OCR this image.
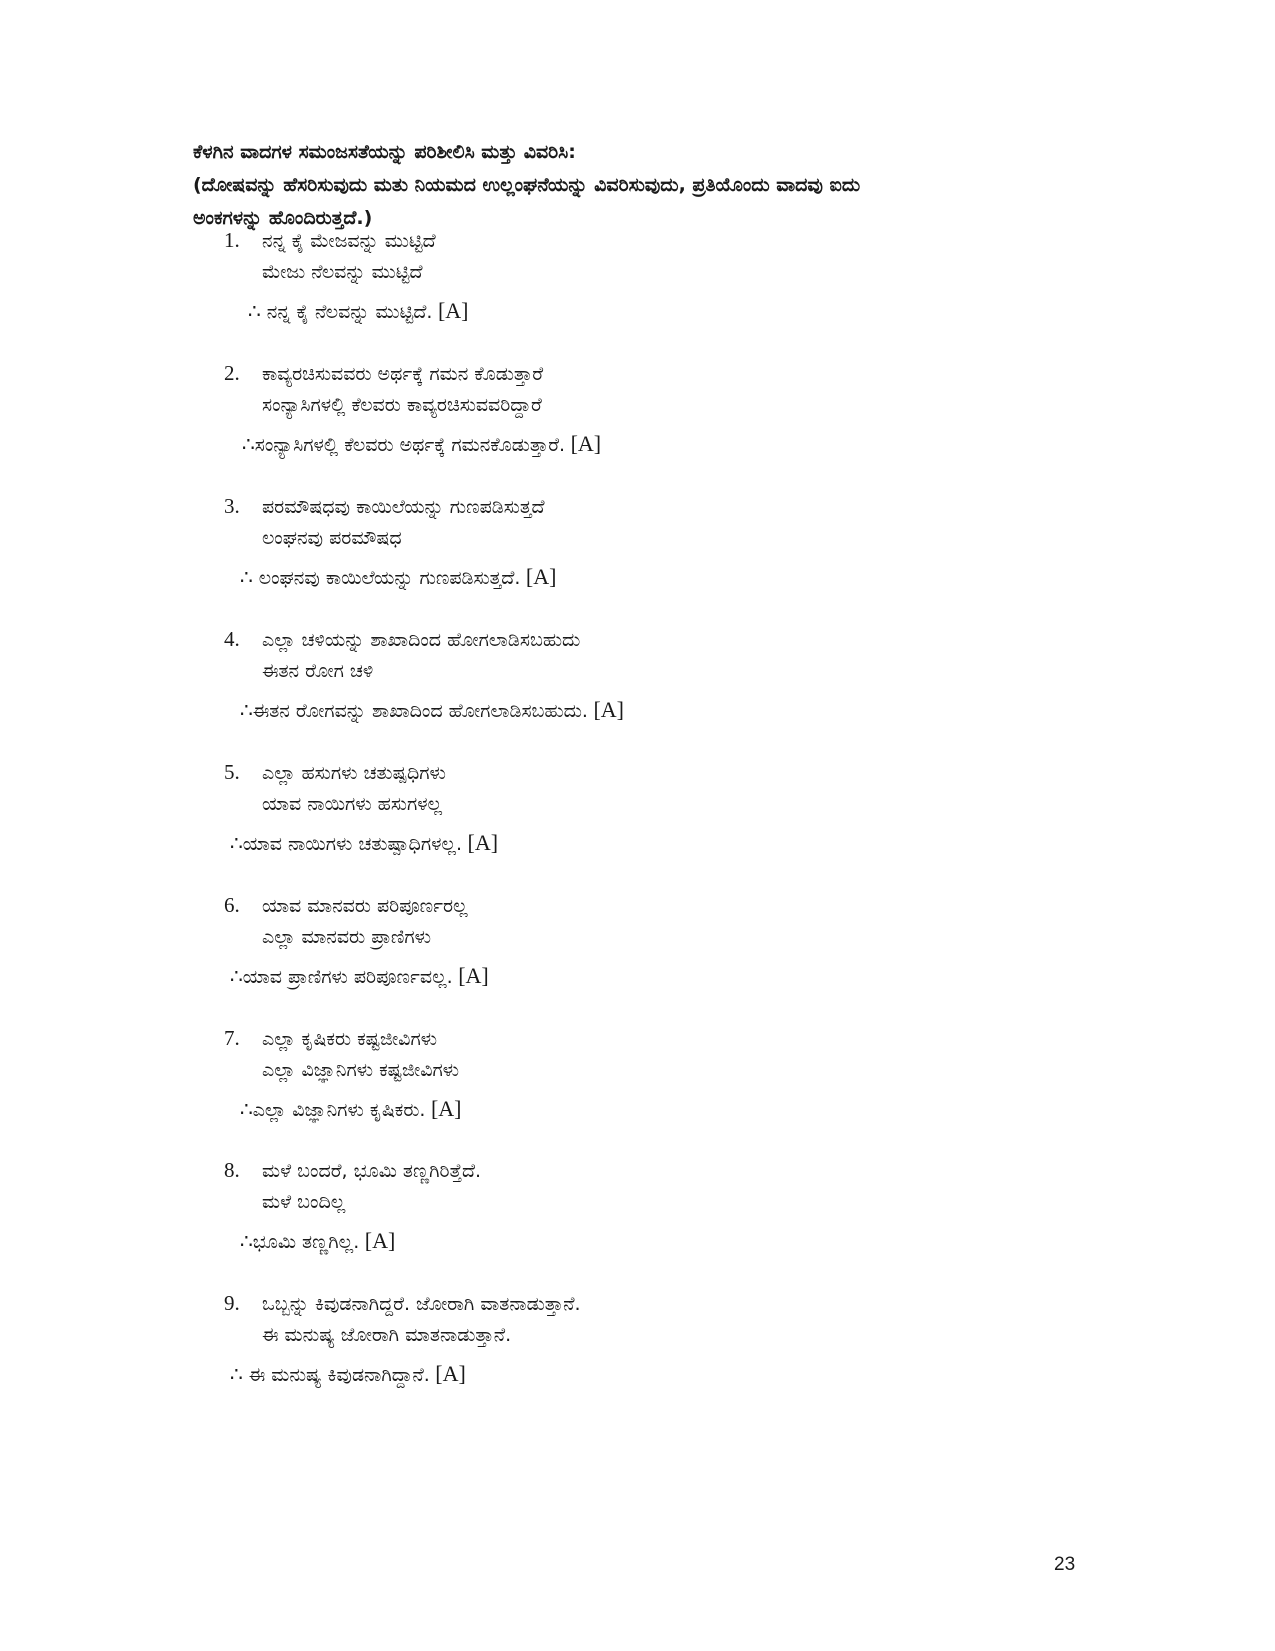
ಕೆಳಗಿನ ವಾದಗಳ ಸಮಂಜಸತೆಯನ್ನು ಪರಿಶೀಲಿಸಿ ಮತ್ತು ವಿವರಿಸಿ:
(ದೋಷವನ್ನು ಹೆಸರಿಸುವುದು ಮತು ನಿಯಮದ ಉಲ್ಲಂಘನೆಯನ್ನು ವಿವರಿಸುವುದು, ಪ್ರತಿಯೊಂದು ವಾದವು ಐದು
ಅಂಕಗಳನ್ನು ಹೊಂದಿರುತ್ತದೆ.)
1. ನನ್ನ ಕೈ ಮೇಜವನ್ನು ಮುಟ್ಟಿದೆ
ಮೇಜು ನೆಲವನ್ನು ಮುಟ್ಟಿದೆ
∴ ನನ್ನ ಕೈ ನೆಲವನ್ನು ಮುಟ್ಟಿದೆ. [A]
2. ಕಾವ್ಯರಚಿಸುವವರು ಅರ್ಥಕ್ಕೆ ಗಮನ ಕೊಡುತ್ತಾರೆ
ಸಂನ್ಯಾಸಿಗಳಲ್ಲಿ ಕೆಲವರು ಕಾವ್ಯರಚಿಸುವವರಿದ್ದಾರೆ
∴ಸಂನ್ಯಾಸಿಗಳಲ್ಲಿ ಕೆಲವರು ಅರ್ಥಕ್ಕೆ ಗಮನಕೊಡುತ್ತಾರೆ. [A]
3. ಪರಮೌಷಧವು ಕಾಯಿಲೆಯನ್ನು ಗುಣಪಡಿಸುತ್ತದೆ
ಲಂಘನವು ಪರಮೌಷಧ
∴ ಲಂಘನವು ಕಾಯಿಲೆಯನ್ನು ಗುಣಪಡಿಸುತ್ತದೆ. [A]
4. ಎಲ್ಲಾ ಚಳಿಯನ್ನು ಶಾಖಾದಿಂದ ಹೋಗಲಾಡಿಸಬಹುದು
ಈತನ ರೋಗ ಚಳಿ
∴ಈತನ ರೋಗವನ್ನು ಶಾಖಾದಿಂದ ಹೋಗಲಾಡಿಸಬಹುದು. [A]
5. ಎಲ್ಲಾ ಹಸುಗಳು ಚತುಷ್ಪಧಿಗಳು
ಯಾವ ನಾಯಿಗಳು ಹಸುಗಳಲ್ಲ
∴ಯಾವ ನಾಯಿಗಳು ಚತುಷ್ಪಾಧಿಗಳಲ್ಲ. [A]
6. ಯಾವ ಮಾನವರು ಪರಿಪೂರ್ಣರಲ್ಲ
ಎಲ್ಲಾ ಮಾನವರು ಪ್ರಾಣಿಗಳು
∴ಯಾವ ಪ್ರಾಣಿಗಳು ಪರಿಪೂರ್ಣವಲ್ಲ. [A]
7. ಎಲ್ಲಾ ಕೃಷಿಕರು ಕಷ್ಟಜೀವಿಗಳು
ಎಲ್ಲಾ ವಿಜ್ಞಾನಿಗಳು ಕಷ್ಟಜೀವಿಗಳು
∴ಎಲ್ಲಾ ವಿಜ್ಞಾನಿಗಳು ಕೃಷಿಕರು. [A]
8. ಮಳೆ ಬಂದರೆ, ಭೂಮಿ ತಣ್ಣಗಿರಿತ್ತೆದೆ.
ಮಳೆ ಬಂದಿಲ್ಲ
∴ಭೂಮಿ ತಣ್ಣಗಿಲ್ಲ. [A]
9. ಒಬ್ಬನ್ನು ಕಿವುಡನಾಗಿದ್ದರೆ. ಜೋರಾಗಿ ವಾತನಾಡುತ್ತಾನೆ.
ಈ ಮನುಷ್ಯ ಜೋರಾಗಿ ಮಾತನಾಡುತ್ತಾನೆ.
∴ ಈ ಮನುಷ್ಯ ಕಿವುಡನಾಗಿದ್ದಾನೆ. [A]
23
